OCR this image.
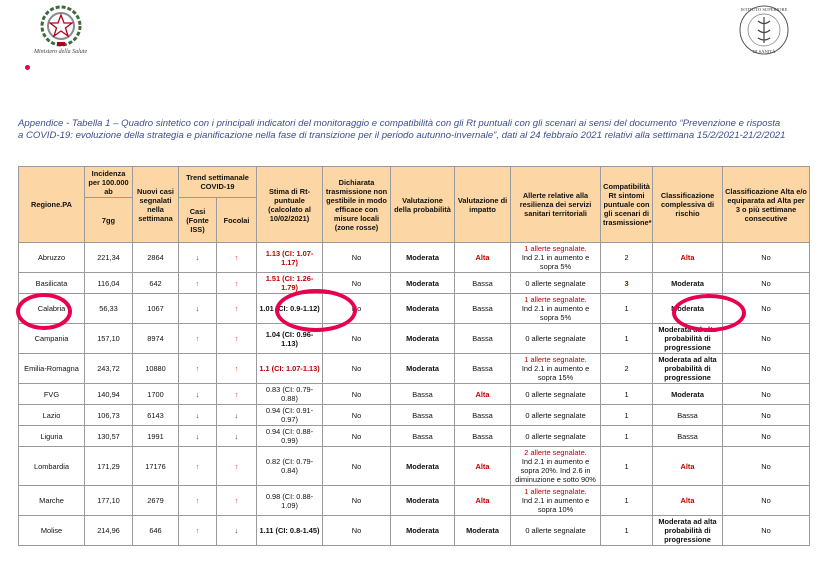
Ministero della Salute
ISTITUTO SUPERIORE
DI SANITÀ
Appendice - Tabella 1 – Quadro sintetico con i principali indicatori del monitoraggio e compatibilità con gli Rt puntuali con gli scenari ai sensi del documento “Prevenzione e risposta a COVID-19: evoluzione della strategia e pianificazione nella fase di transizione per il periodo autunno-invernale”, dati al 24 febbraio 2021 relativi alla settimana 15/2/2021-21/2/2021
Regione.PA	Incidenza per 100.000 ab	Nuovi casi segnalati nella settimana	Trend settimanale COVID-19		Stima di Rt-puntuale (calcolato al 10/02/2021)	Dichiarata trasmissione non gestibile in modo efficace con misure locali (zone rosse)	Valutazione della probabilità	Valutazione di impatto	Allerte relative alla resilienza dei servizi sanitari territoriali	Compatibilità Rt sintomi puntuale con gli scenari di trasmissione*	Classificazione complessiva di rischio	Classificazione Alta e/o equiparata ad Alta per 3 o più settimane consecutive
	7gg		Casi (Fonte ISS)	Focolai								
Abruzzo	221,34	2864	↓	↑	1.13 (CI: 1.07-1.17)	No	Moderata	Alta	1 allerte segnalate.
Ind 2.1 in aumento e sopra 5%	2	Alta	No
Basilicata	116,04	642	↑	↑	1.51 (CI: 1.26-1.79)	No	Moderata	Bassa	0 allerte segnalate	3	Moderata	No
Calabria	56,33	1067	↓	↑	1.01 (CI: 0.9-1.12)	No	Moderata	Bassa	1 allerte segnalate.
Ind 2.1 in aumento e sopra 5%	1	Moderata	No
Campania	157,10	8974	↑	↑	1.04 (CI: 0.96-1.13)	No	Moderata	Bassa	0 allerte segnalate	1	Moderata ad alta probabilità di progressione	No
Emilia-Romagna	243,72	10880	↑	↑	1.1 (CI: 1.07-1.13)	No	Moderata	Bassa	1 allerte segnalate.
Ind 2.1 in aumento e sopra 15%	2	Moderata ad alta probabilità di progressione	No
FVG	140,94	1700	↓	↑	0.83 (CI: 0.79-0.88)	No	Bassa	Alta	0 allerte segnalate	1	Moderata	No
Lazio	106,73	6143	↓	↓	0.94 (CI: 0.91-0.97)	No	Bassa	Bassa	0 allerte segnalate	1	Bassa	No
Liguria	130,57	1991	↓	↓	0.94 (CI: 0.88-0.99)	No	Bassa	Bassa	0 allerte segnalate	1	Bassa	No
Lombardia	171,29	17176	↑	↑	0.82 (CI: 0.79-0.84)	No	Moderata	Alta	2 allerte segnalate.
Ind 2.1 in aumento e sopra 20%. Ind 2.6 in diminuzione e sotto 90%	1	Alta	No
Marche	177,10	2679	↑	↑	0.98 (CI: 0.88-1.09)	No	Moderata	Alta	1 allerte segnalate.
Ind 2.1 in aumento e sopra 10%	1	Alta	No
Molise	214,96	646	↑	↓	1.11 (CI: 0.8-1.45)	No	Moderata	Moderata	0 allerte segnalate	1	Moderata ad alta probabilità di progressione	No
